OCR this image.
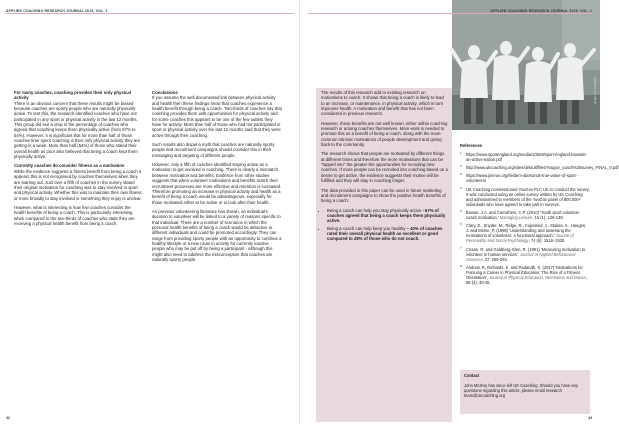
APPLIED COACHING RESEARCH JOURNAL 2019, VOL. 1

For many coaches, coaching provides their only physical activity

There is an obvious concern that these results might be biased because coaches are sporty people who are naturally physically active. To test this, the research identified coaches who have not participated in any sport or physical activity in the last 12 months. This group did see a drop in the percentage of coaches who agreed that coaching keeps them physically active (from 67% to 54%). However, it is significant that for more than half of those coaches time spent coaching is their only physical activity they are getting in a week. More than half (54%) of those who stated their overall health as poor also believed that being a coach kept them physically active.

Currently coaches do consider fitness as a motivation

While the evidence suggests a fitness benefit from being a coach it appears this is not recognised by coaches themselves when they are starting out. Just over a fifth of coaches in the survey stated their original motivation for coaching was to stay involved in sport and physical activity. Whether this was to maintain their own fitness or more broadly to stay involved in something they enjoy is unclear.

However, what is interesting is how few coaches consider the health benefits of being a coach. This is particularly interesting when compared to the two-thirds of coaches who state they are receiving a physical health benefit from being a coach.

Conclusions

If you assume the well documented link between physical activity and health then these findings show that coaches experience a health benefit through being a coach. Two-thirds of coaches say that coaching provides them with opportunities for physical activity and for some coaches this appears to be one of the few outlets they have for activity. More than half of those who had not participated in sport or physical activity over the last 12 months said that they were active through their coaching.

Such results also dispel a myth that coaches are naturally sporty people and recruitment campaigns should consider this in their messaging and targeting of different people.

However, only a fifth of coaches identified staying active as a motivation to get involved in coaching. There is clearly a mismatch between motivation and benefits. Evidence from other studies suggests that when volunteer motivations and benefits match then recruitment processes are more effective and retention is increased. Therefore promoting an increase in physical activity and health as a benefit of being a coach would be advantageous, especially for those motivated either to be active or to look after their health.

As previous volunteering literature has shown, an individual's decision to volunteer will be linked to a variety of reasons specific to that individual. There are a number of scenarios in which the personal health benefits of being a coach would be attractive to different individuals and could be promoted accordingly. They can range from providing sporty people with an opportunity to continue a healthy lifestyle or a new route to activity for currently inactive people who may be put off by being a participant - although this might also need to address the misconception that coaches are naturally sporty people.

42
Image: UK Coaching
APPLIED COACHING RESEARCH JOURNAL 2019, VOL. 1

The results of this research add to existing research on motivations to coach. It shows that being a coach is likely to lead to an increase, or maintenance, in physical activity, which in turn improves health. A motivation and benefit that has not been considered in previous research.

However, these benefits are not well known, either within coaching research or among coaches themselves. More work is needed to promote this as a benefit of being a coach, along with the more common intrinsic motivations of people development and giving back to the community.

The research shows that people are motivated by different things at different times and therefore the more motivations that can be "tapped into" the greater the opportunities for recruiting new coaches. If more people can be recruited into coaching based on a desire to get active, the evidence suggests their motive will be fulfilled and they will stay in coaching longer.

The data provided in this paper can be used in future marketing and recruitment campaigns to show the positive health benefits of being a coach:

• Being a coach can help you stay physically active - 67% of coaches agreed that being a coach keeps them physically active.
• Being a coach can help keep you healthy – 40% of coaches rated their overall physical health as excellent or good compared to 28% of those who do not coach.

References

1 https://www.sportengland.org/media/10629/sport-england-towards-an-active-nation.pdf
2 http://www.ukcoaching.org/sites/default/files/Yougov_coach%20survey_FINAL_0.pdf
3 https://www.joinrun.org/fieldem-diamonds-true-value-of-sport-volunteers/
4 UK Coaching commissioned YouGov PLC UK to conduct the survey. It was conducted using an online survey written by UK Coaching and administered to members of the YouGov panel of 800,000+ individuals who have agreed to take part in surveys.
5 Busser, J.A. and Carruthers, C.P. (2010) 'Youth sport volunteer coach motivation,' Managing Leisure, 15 (1): 128-139.
6 Clary, E., Snyder, M., Ridge, R., Copeland, J., Stukas, A., Haugen, J. and Meine, P. (1998) 'Understanding and assessing the motivations of volunteers: A functional approach,' Journal of Personality and Social Psychology, 74 (6): 1516–1530.
7 Cnaan, R. and Goldberg-Glen, R. (1991) 'Measuring motivation to volunteer in human services', Journal of Applied Behavioural Sciences, 27: 269-284.
8 Andrew, R, Richards, K. and Padaruth, S. (2017) 'Motivations for Pursuing a Career in Physical Education: The Rise of a Fitness Orientation', Journal of Physical Education, Recreation and Dance, 88 (4): 40-46.
Contact
John McIlroy has since left UK Coaching. Should you have any questions regarding this article, please email research team@ukcoaching.org
43
